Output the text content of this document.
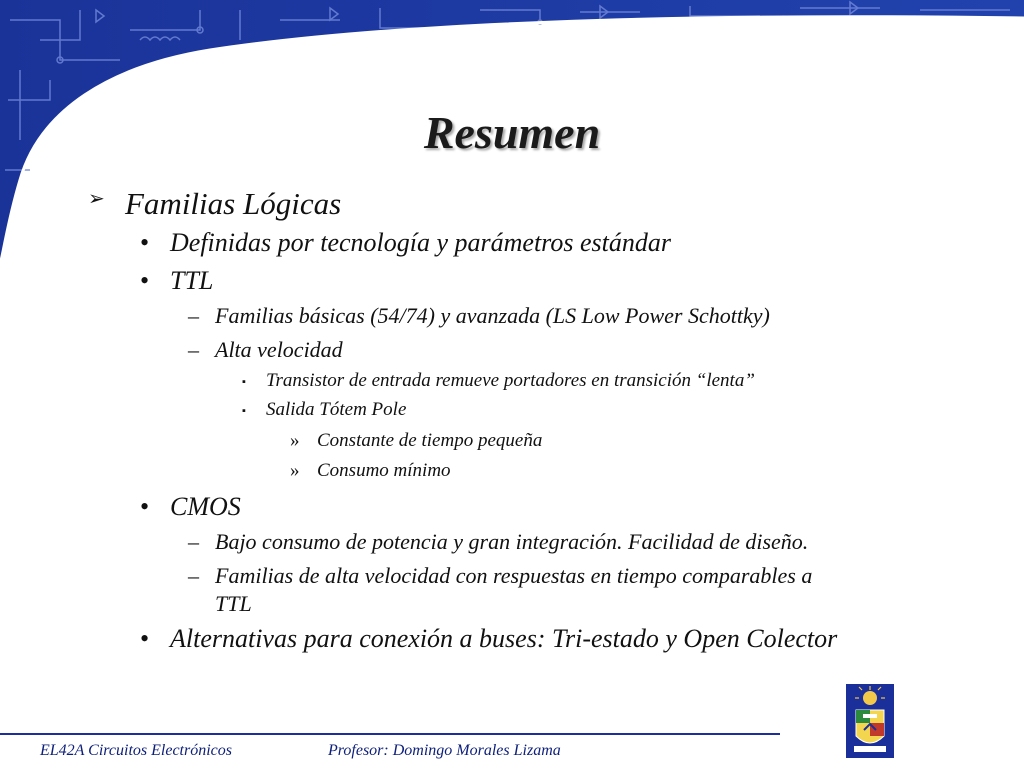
Resumen
➢ Familias Lógicas
• Definidas por tecnología y parámetros estándar
• TTL
– Familias básicas (54/74) y avanzada (LS Low Power Schottky)
– Alta velocidad
▪ Transistor de entrada remueve portadores en transición “lenta”
▪ Salida Tótem Pole
» Constante de tiempo pequeña
» Consumo mínimo
• CMOS
– Bajo consumo de potencia y gran integración. Facilidad de diseño.
– Familias de alta velocidad con respuestas en tiempo comparables a
TTL
• Alternativas para conexión a buses: Tri-estado y Open Colector
EL42A Circuitos Electrónicos	Profesor: Domingo Morales Lizama
